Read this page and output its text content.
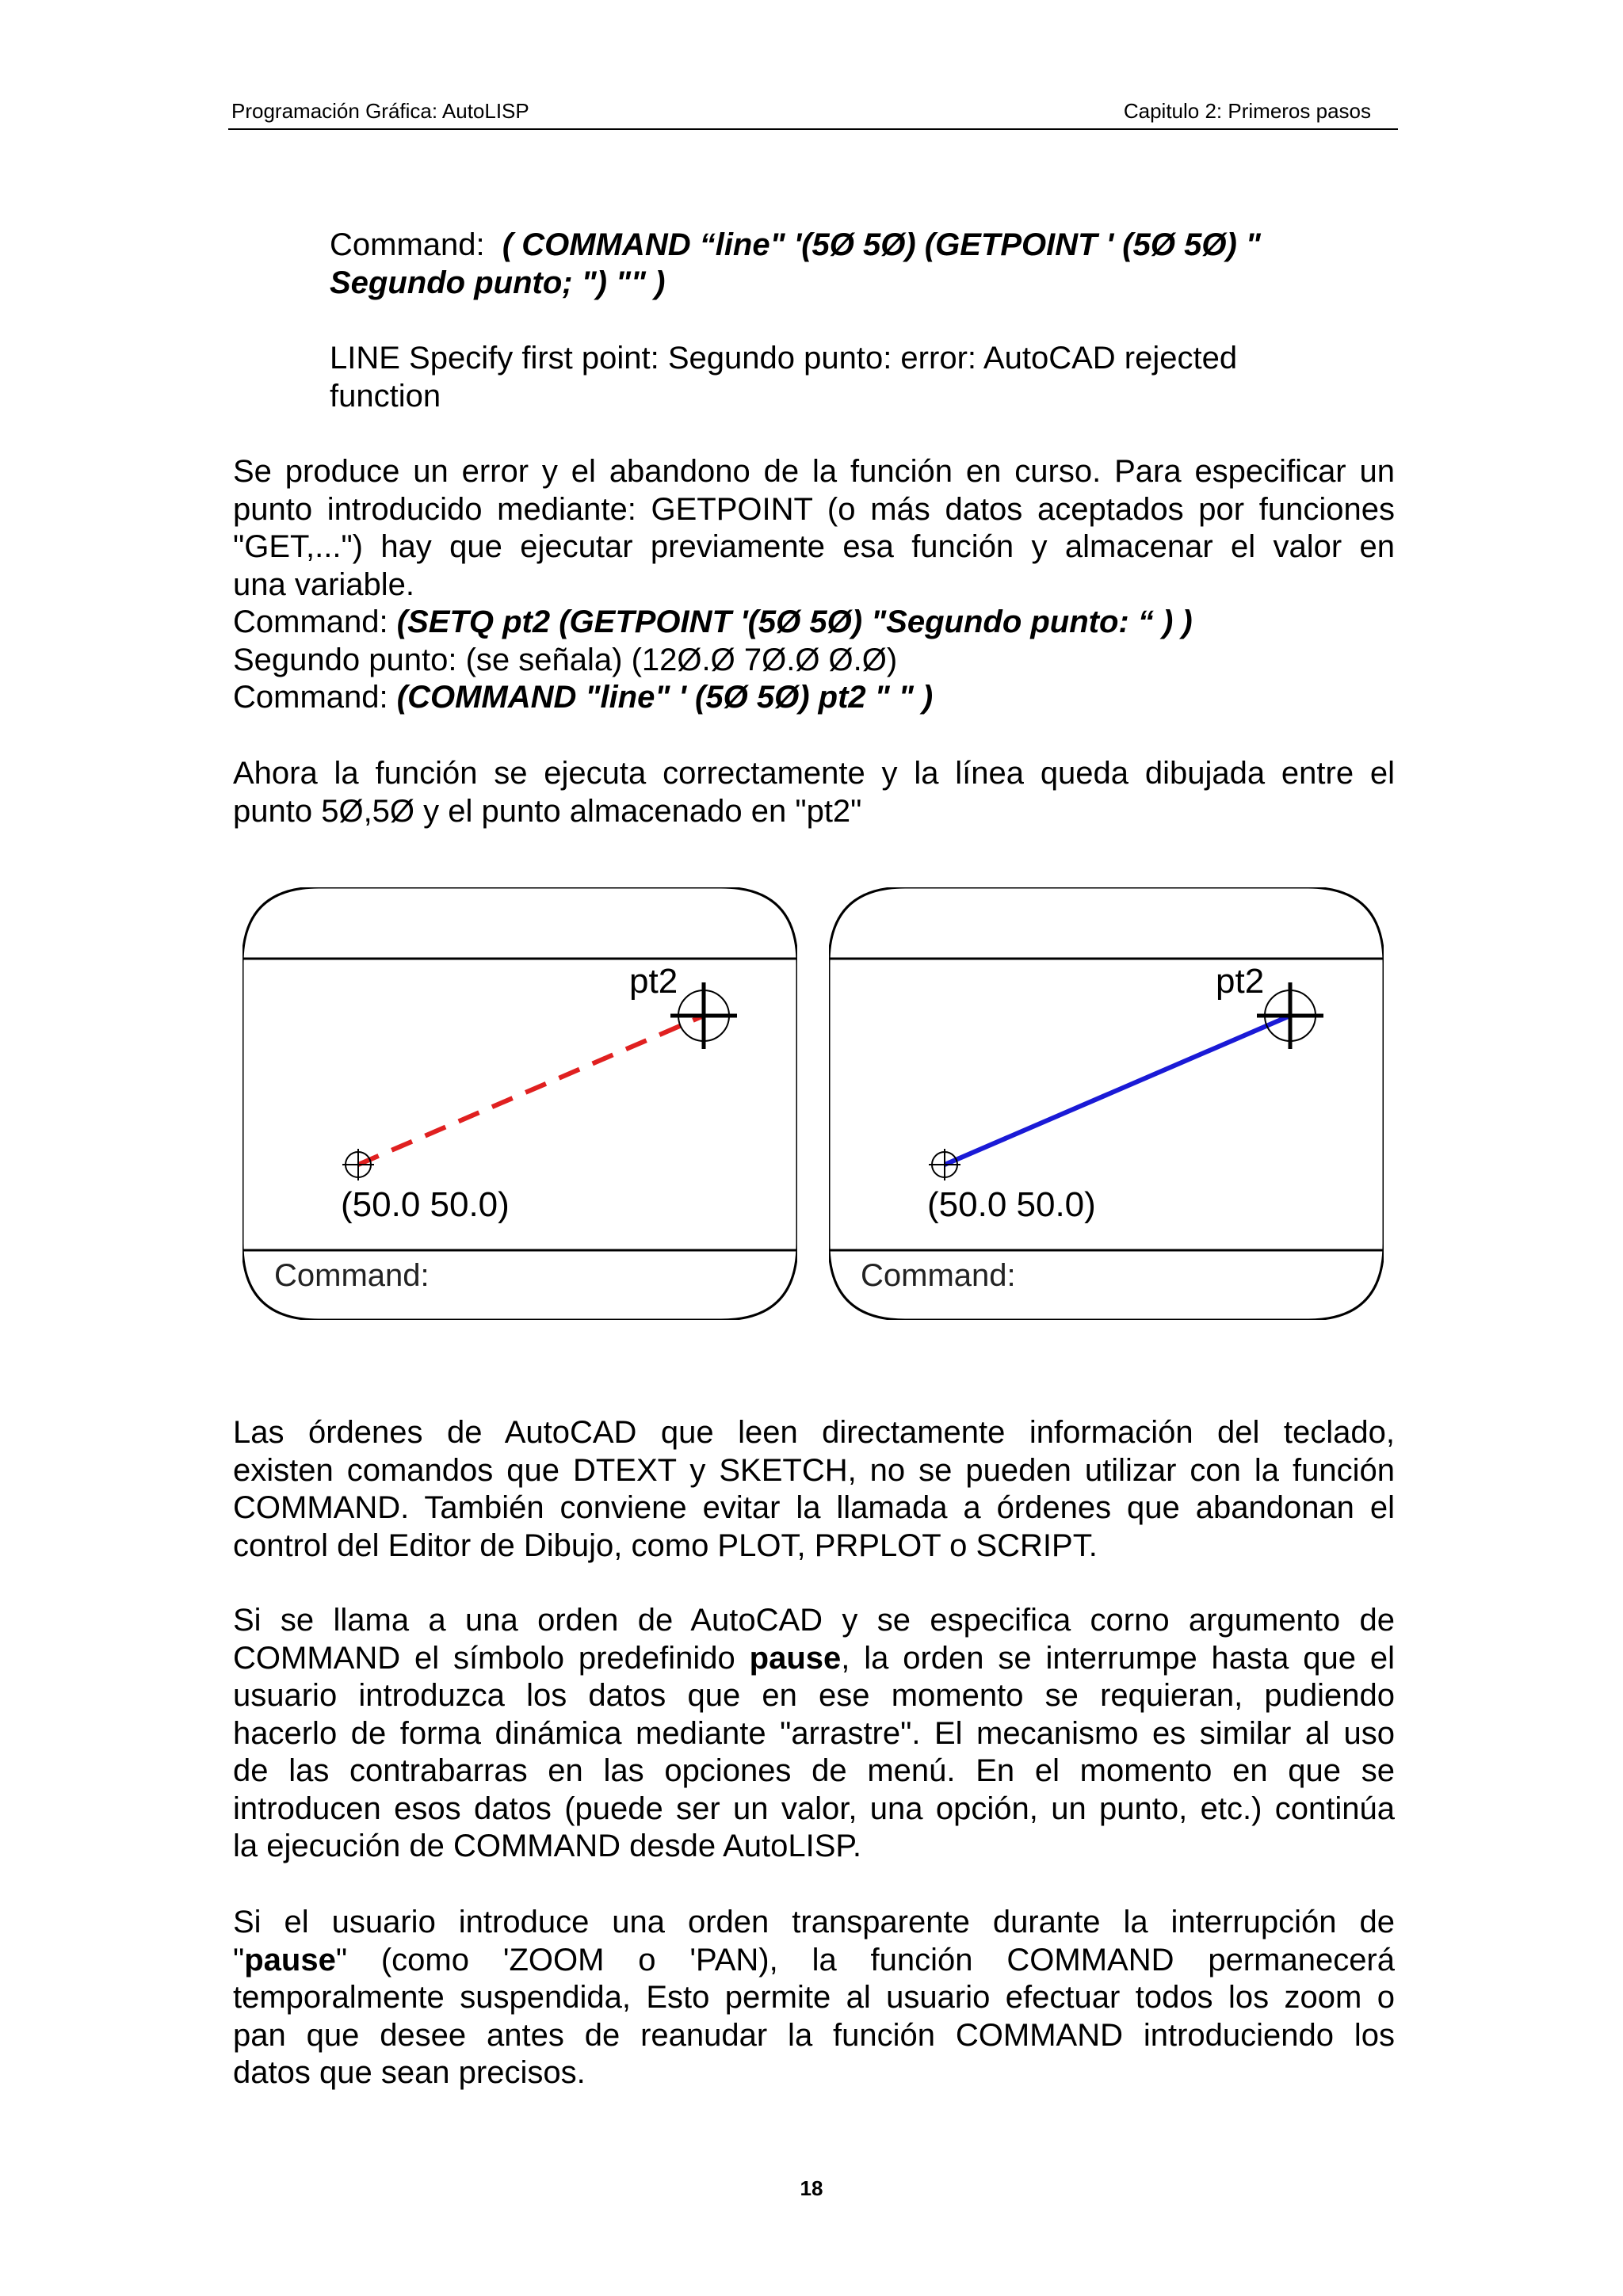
Programación Gráfica: AutoLISP	Capitulo 2: Primeros pasos
Command: ( COMMAND “line" '(5Ø 5Ø) (GETPOINT ' (5Ø 5Ø) "
Segundo punto; ") "" )
LINE Specify first point: Segundo punto: error: AutoCAD rejected
function
Se produce un error y el abandono de la función en curso. Para especificar un
punto introducido mediante: GETPOINT (o más datos aceptados por funciones
"GET,...") hay que ejecutar previamente esa función y almacenar el valor en
una variable.
Command: (SETQ pt2 (GETPOINT '(5Ø 5Ø) "Segundo punto: “ ) )
Segundo punto: (se señala) (12Ø.Ø 7Ø.Ø Ø.Ø)
Command: (COMMAND "line" ' (5Ø 5Ø) pt2 " " )
Ahora la función se ejecuta correctamente y la línea queda dibujada entre el
punto 5Ø,5Ø y el punto almacenado en "pt2"
pt2
(50.0 50.0)
Command:
pt2
(50.0 50.0)
Command:
Las órdenes de AutoCAD que leen directamente información del teclado,
existen comandos que DTEXT y SKETCH, no se pueden utilizar con la función
COMMAND. También conviene evitar la llamada a órdenes que abandonan el
control del Editor de Dibujo, como PLOT, PRPLOT o SCRIPT.
Si se llama a una orden de AutoCAD y se especifica corno argumento de
COMMAND el símbolo predefinido pause, la orden se interrumpe hasta que el
usuario introduzca los datos que en ese momento se requieran, pudiendo
hacerlo de forma dinámica mediante "arrastre". El mecanismo es similar al uso
de las contrabarras en las opciones de menú. En el momento en que se
introducen esos datos (puede ser un valor, una opción, un punto, etc.) continúa
la ejecución de COMMAND desde AutoLISP.
Si el usuario introduce una orden transparente durante la interrupción de
"pause" (como 'ZOOM o 'PAN), la función COMMAND permanecerá
temporalmente suspendida, Esto permite al usuario efectuar todos los zoom o
pan que desee antes de reanudar la función COMMAND introduciendo los
datos que sean precisos.
18
